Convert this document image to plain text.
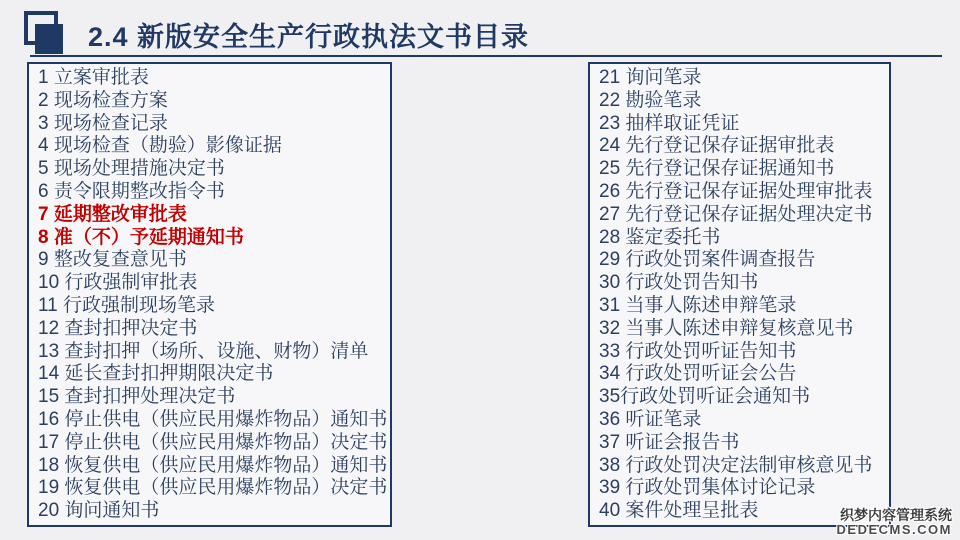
2.4 新版安全生产行政执法文书目录
1 立案审批表
2 现场检查方案
3 现场检查记录
4 现场检查（勘验）影像证据
5 现场处理措施决定书
6 责令限期整改指令书
7 延期整改审批表
8 准（不）予延期通知书
9 整改复查意见书
10 行政强制审批表
11 行政强制现场笔录
12 查封扣押决定书
13 查封扣押（场所、设施、财物）清单
14 延长查封扣押期限决定书
15 查封扣押处理决定书
16 停止供电（供应民用爆炸物品）通知书
17 停止供电（供应民用爆炸物品）决定书
18 恢复供电（供应民用爆炸物品）通知书
19 恢复供电（供应民用爆炸物品）决定书
20 询问通知书
21 询问笔录
22 勘验笔录
23 抽样取证凭证
24 先行登记保存证据审批表
25 先行登记保存证据通知书
26 先行登记保存证据处理审批表
27 先行登记保存证据处理决定书
28 鉴定委托书
29 行政处罚案件调查报告
30 行政处罚告知书
31 当事人陈述申辩笔录
32 当事人陈述申辩复核意见书
33 行政处罚听证告知书
34 行政处罚听证会公告
35行政处罚听证会通知书
36 听证笔录
37 听证会报告书
38 行政处罚决定法制审核意见书
39 行政处罚集体讨论记录
40 案件处理呈批表	织梦内容管理系统
DEDECMS.COM
